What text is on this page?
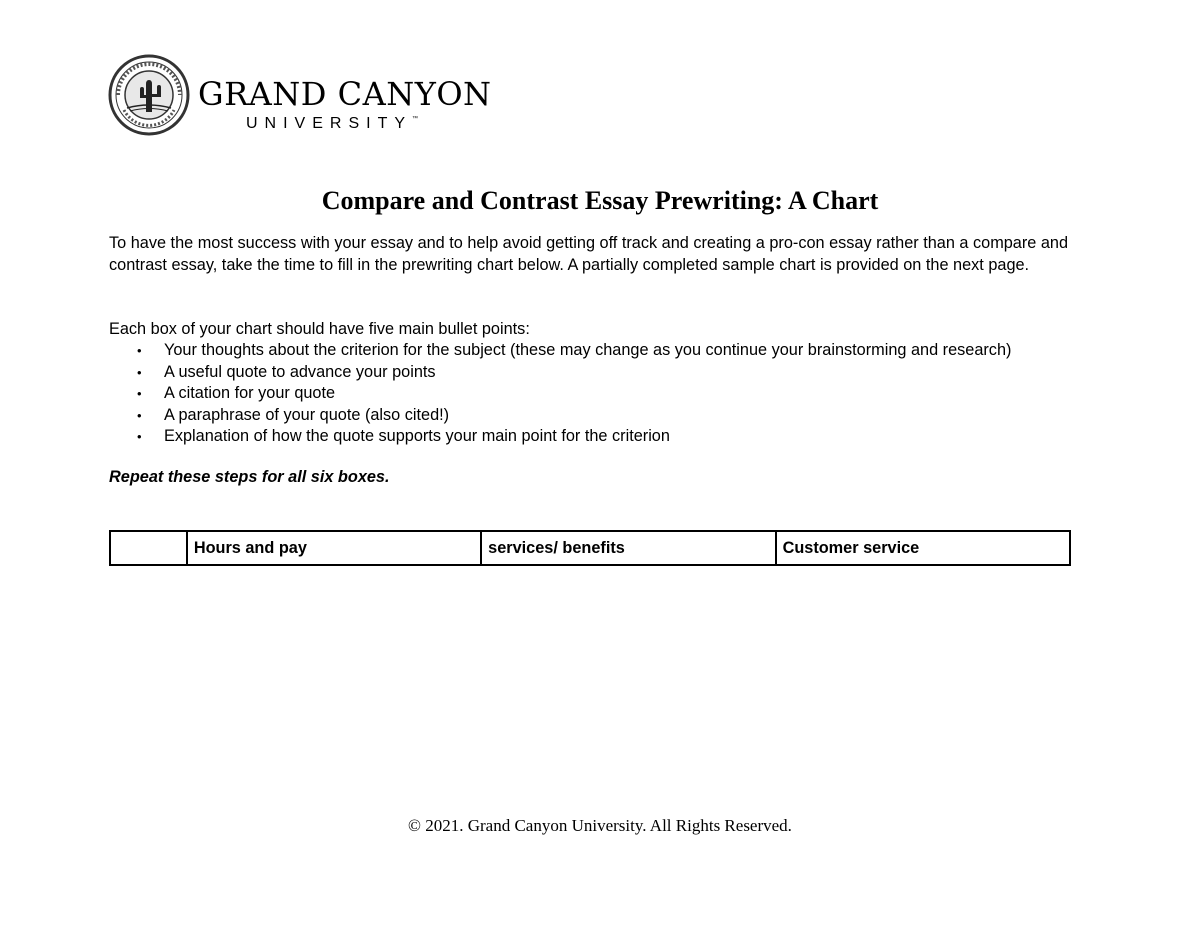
GRAND CANYON
UNIVERSITY™
Compare and Contrast Essay Prewriting: A Chart
To have the most success with your essay and to help avoid getting off track and creating a pro-con essay rather than a compare and contrast essay, take the time to fill in the prewriting chart below. A partially completed sample chart is provided on the next page.
Each box of your chart should have five main bullet points:
• Your thoughts about the criterion for the subject (these may change as you continue your brainstorming and research)
• A useful quote to advance your points
• A citation for your quote
• A paraphrase of your quote (also cited!)
• Explanation of how the quote supports your main point for the criterion
Repeat these steps for all six boxes.
	Hours and pay	services/ benefits	Customer service
© 2021. Grand Canyon University. All Rights Reserved.
